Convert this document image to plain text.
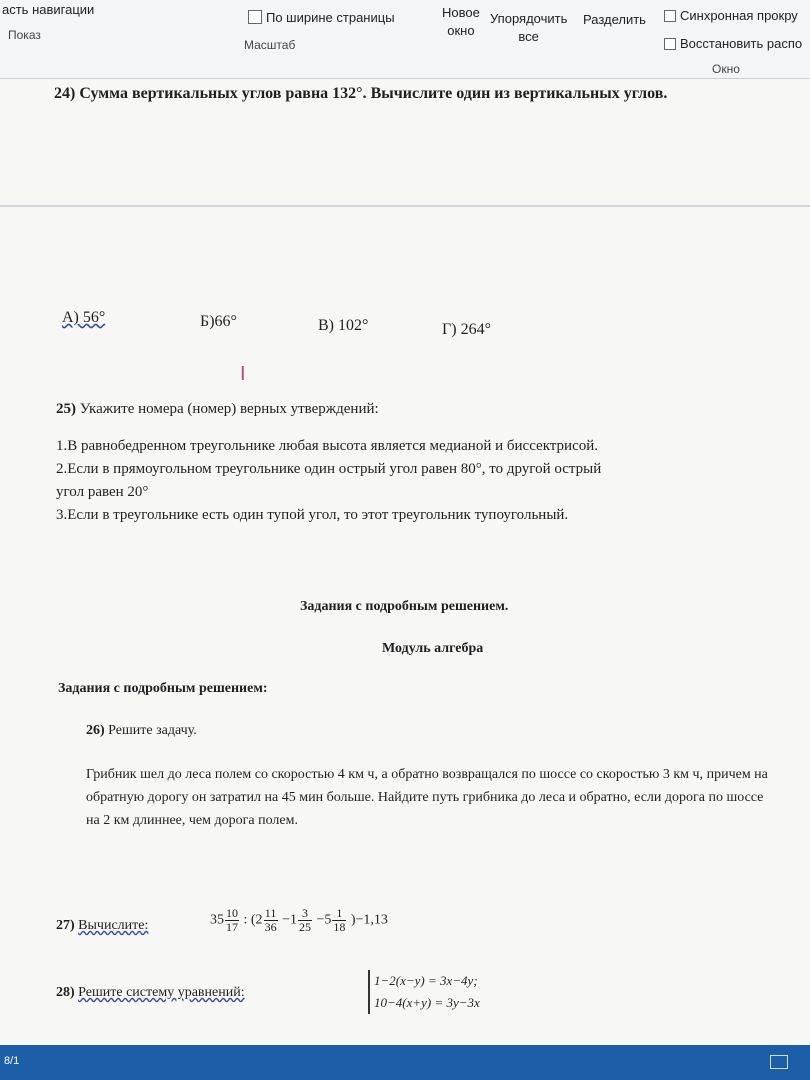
асть навигации
Показ
По ширине страницы
Масштаб
Новое
окно
Упорядочить
все
Разделить	Синхронная прокру
Восстановить распо
Окно
24) Сумма вертикальных углов равна 132°. Вычислите один из вертикальных углов.
А) 56°	Б)66°	В) 102°	Г) 264°
I
25) Укажите номера (номер) верных утверждений:
1.В равнобедренном треугольнике любая высота является медианой и биссектрисой.
2.Если в прямоугольном треугольнике один острый угол равен 80°, то другой острый
угол равен 20°
3.Если в треугольнике есть один тупой угол, то этот треугольник тупоугольный.
Задания с подробным решением.
Модуль алгебра
Задания с подробным решением:
26) Решите задачу.
Грибник шел до леса полем со скоростью 4 км ч, а обратно возвращался по шоссе со скоростью 3 км ч, причем на обратную дорогу он затратил на 45 мин больше. Найдите путь грибника до леса и обратно, если дорога по шоссе на 2 км длиннее, чем дорога полем.
27) Вычислите:	$35 \frac{10}{17}$ : $(2 \frac{11}{36} -1 \frac{3}{25} -5 \frac{1}{18} )-1,13$
28) Решите систему уравнений:
1−2(x−y) = 3x−4y;
10−4(x+y) = 3y−3x
8/1
